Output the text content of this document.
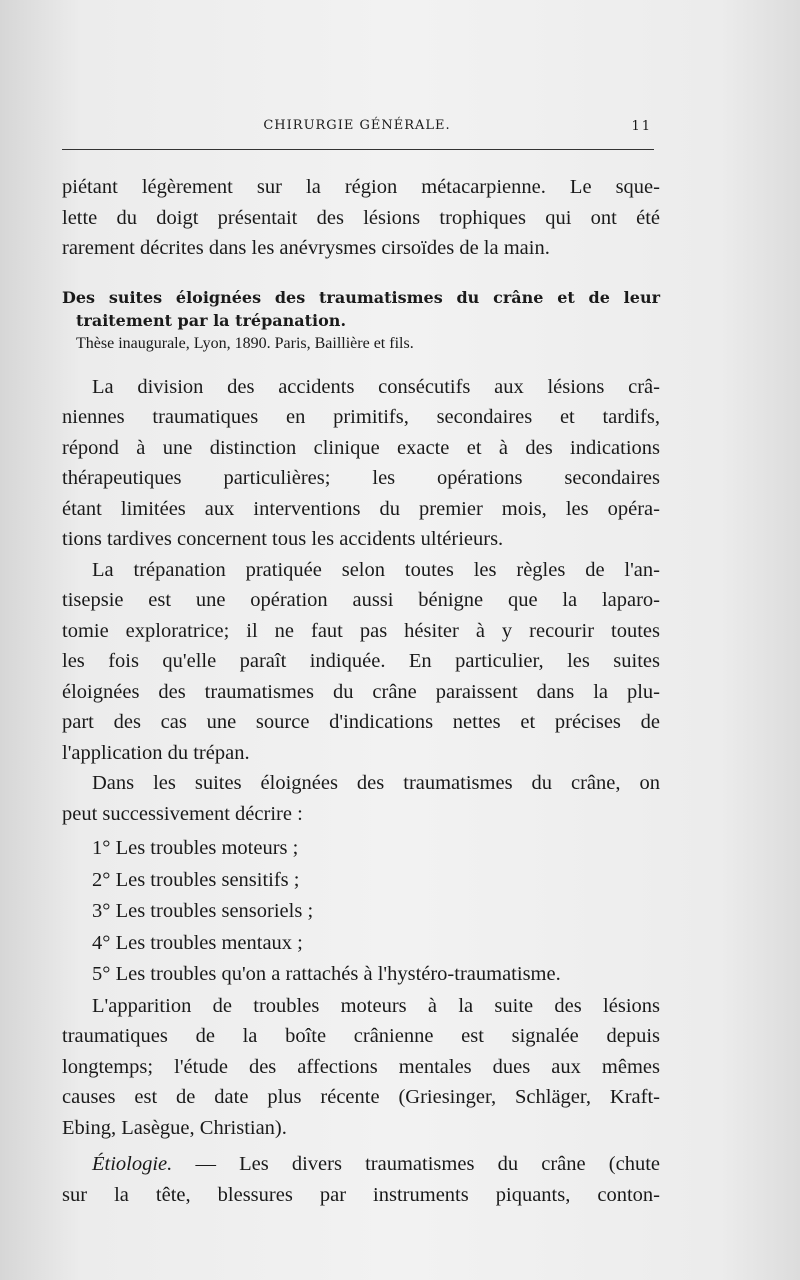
CHIRURGIE GÉNÉRALE.	11
piétant légèrement sur la région métacarpienne. Le sque-
lette du doigt présentait des lésions trophiques qui ont été
rarement décrites dans les anévrysmes cirsoïdes de la main.
Des suites éloignées des traumatismes du crâne et de leur
traitement par la trépanation.
Thèse inaugurale, Lyon, 1890. Paris, Baillière et fils.
La division des accidents consécutifs aux lésions crâ-
niennes traumatiques en primitifs, secondaires et tardifs,
répond à une distinction clinique exacte et à des indications
thérapeutiques particulières; les opérations secondaires
étant limitées aux interventions du premier mois, les opéra-
tions tardives concernent tous les accidents ultérieurs.
La trépanation pratiquée selon toutes les règles de l'an-
tisepsie est une opération aussi bénigne que la laparo-
tomie exploratrice; il ne faut pas hésiter à y recourir toutes
les fois qu'elle paraît indiquée. En particulier, les suites
éloignées des traumatismes du crâne paraissent dans la plu-
part des cas une source d'indications nettes et précises de
l'application du trépan.
Dans les suites éloignées des traumatismes du crâne, on
peut successivement décrire :
1° Les troubles moteurs ;
2° Les troubles sensitifs ;
3° Les troubles sensoriels ;
4° Les troubles mentaux ;
5° Les troubles qu'on a rattachés à l'hystéro-traumatisme.
L'apparition de troubles moteurs à la suite des lésions
traumatiques de la boîte crânienne est signalée depuis
longtemps; l'étude des affections mentales dues aux mêmes
causes est de date plus récente (Griesinger, Schläger, Kraft-
Ebing, Lasègue, Christian).
Étiologie. — Les divers traumatismes du crâne (chute
sur la tête, blessures par instruments piquants, conton-
